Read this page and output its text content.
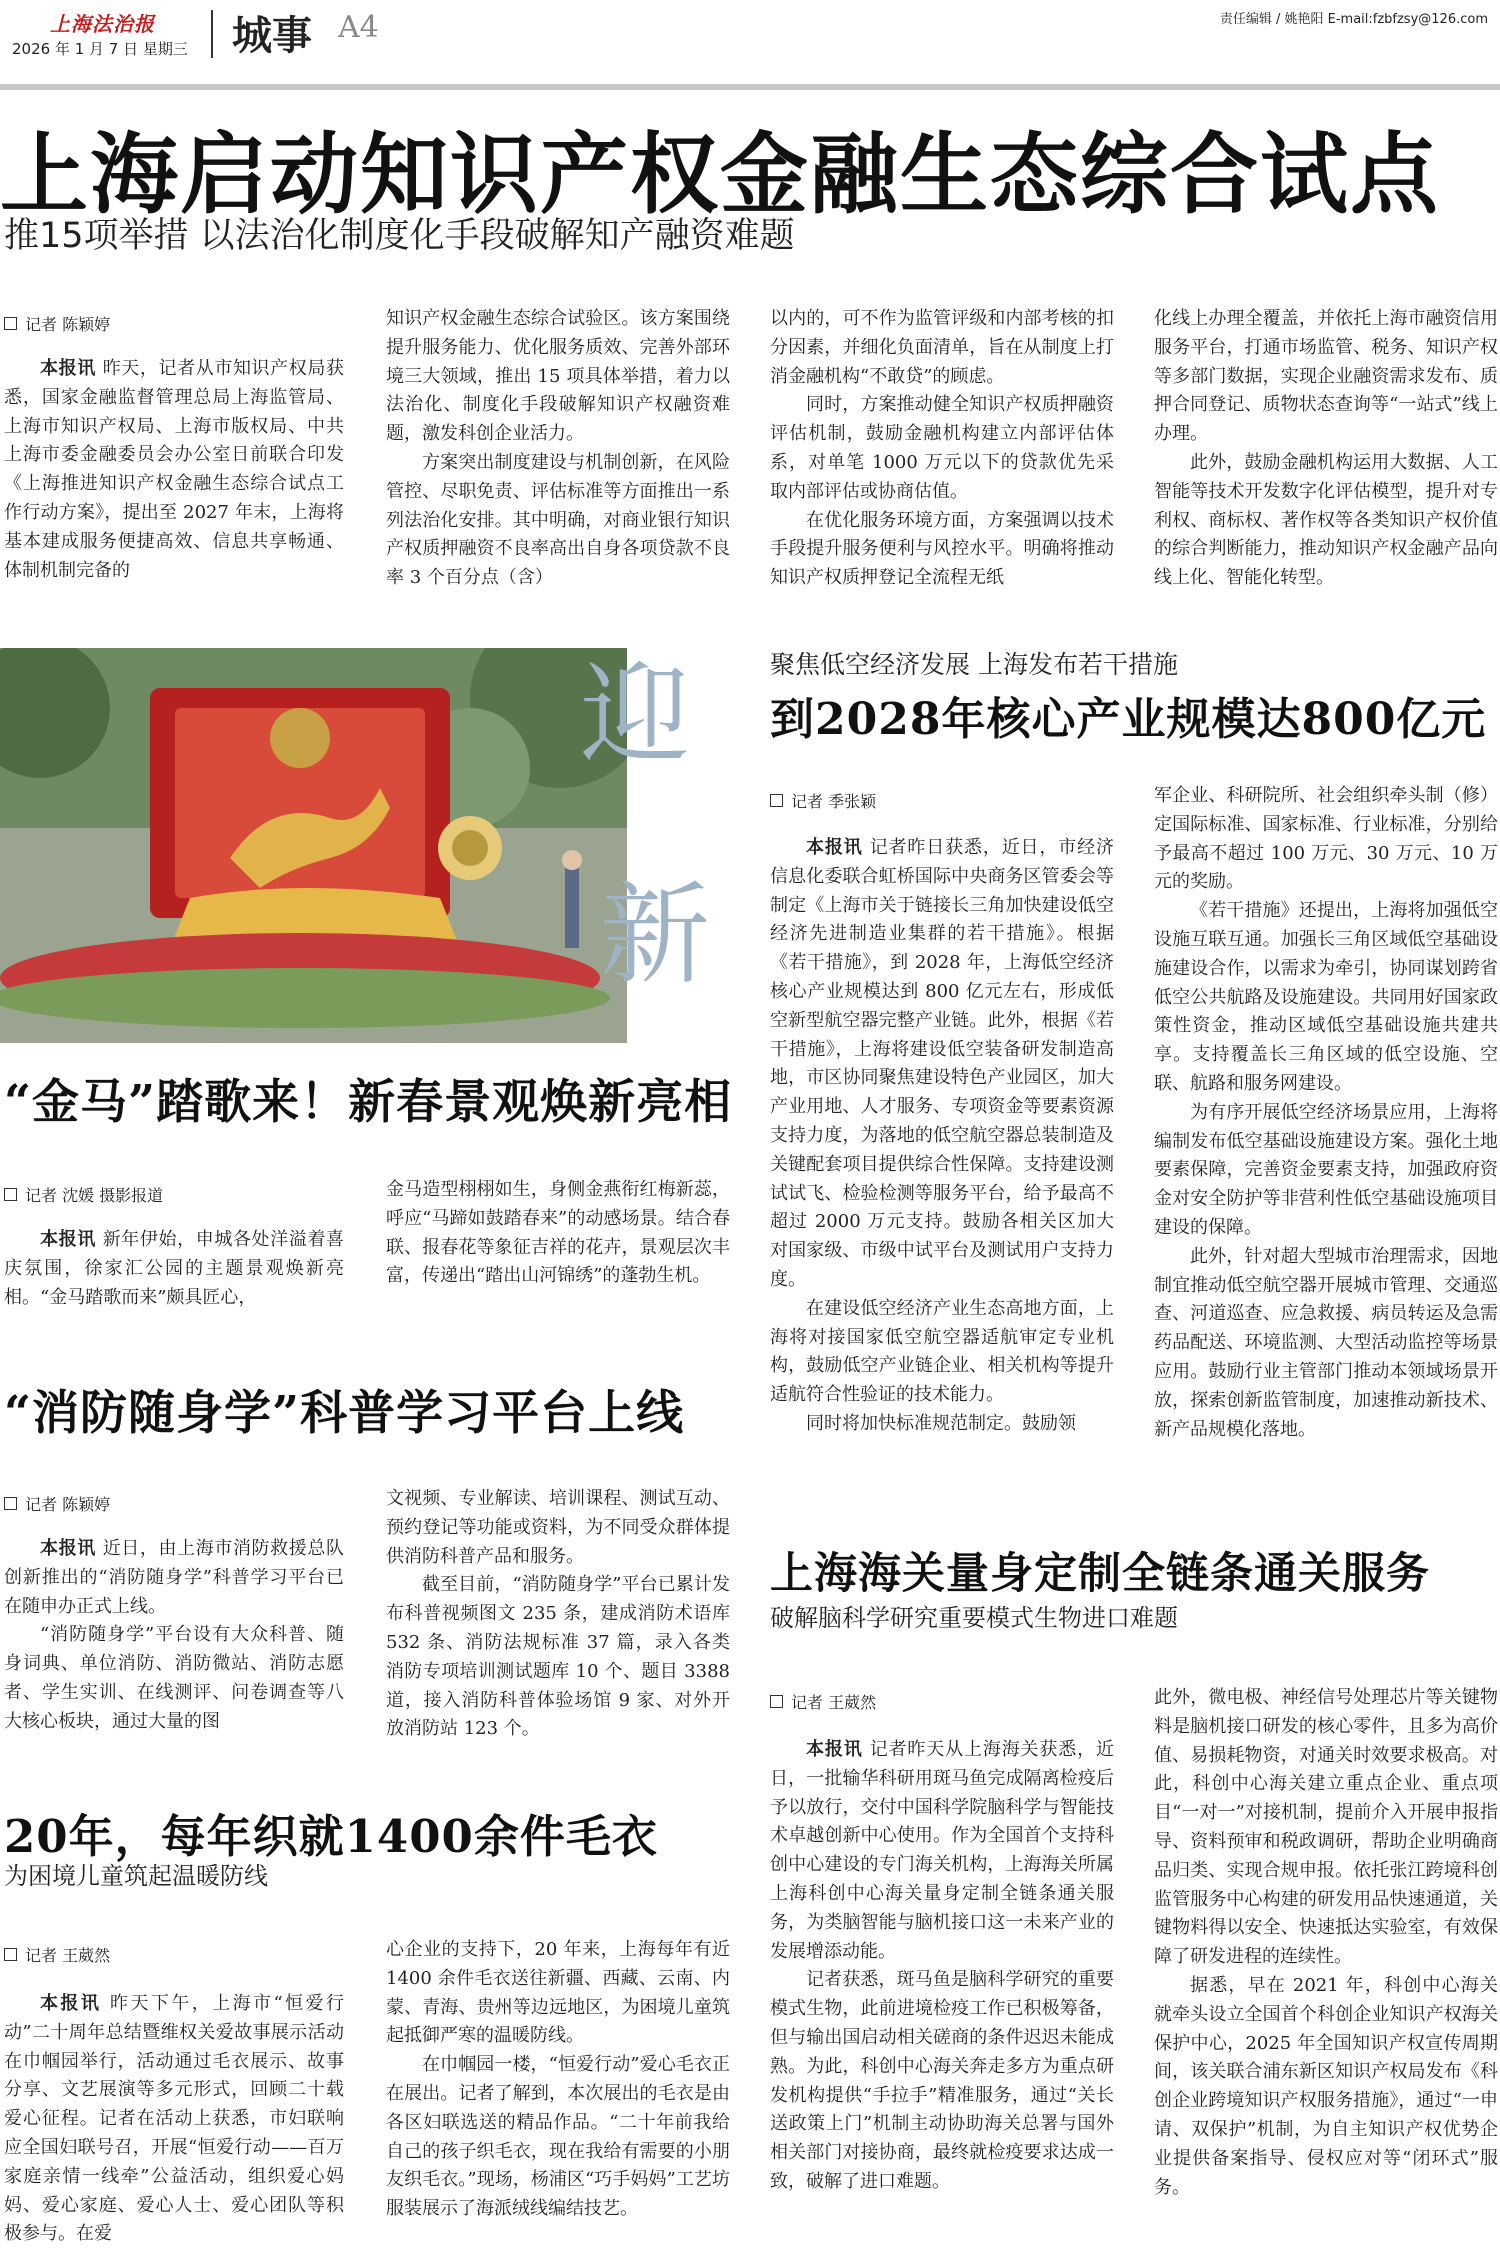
上海法治报
2026 年 1 月 7 日 星期三 城事 A4	责任编辑 / 姚艳阳 E-mail:fzbfzsy@126.com
上海启动知识产权金融生态综合试点
推15项举措 以法治化制度化手段破解知产融资难题
记者 陈颖婷

本报讯 昨天，记者从市知识产权局获悉，国家金融监督管理总局上海监管局、上海市知识产权局、上海市版权局、中共上海市委金融委员会办公室日前联合印发《上海推进知识产权金融生态综合试点工作行动方案》，提出至 2027 年末，上海将基本建成服务便捷高效、信息共享畅通、体制机制完备的

知识产权金融生态综合试验区。该方案围绕提升服务能力、优化服务质效、完善外部环境三大领域，推出 15 项具体举措，着力以法治化、制度化手段破解知识产权融资难题，激发科创企业活力。

方案突出制度建设与机制创新，在风险管控、尽职免责、评估标准等方面推出一系列法治化安排。其中明确，对商业银行知识产权质押融资不良率高出自身各项贷款不良率 3 个百分点（含）

以内的，可不作为监管评级和内部考核的扣分因素，并细化负面清单，旨在从制度上打消金融机构“不敢贷”的顾虑。

同时，方案推动健全知识产权质押融资评估机制，鼓励金融机构建立内部评估体系，对单笔 1000 万元以下的贷款优先采取内部评估或协商估值。

在优化服务环境方面，方案强调以技术手段提升服务便利与风控水平。明确将推动知识产权质押登记全流程无纸

化线上办理全覆盖，并依托上海市融资信用服务平台，打通市场监管、税务、知识产权等多部门数据，实现企业融资需求发布、质押合同登记、质物状态查询等“一站式”线上办理。

此外，鼓励金融机构运用大数据、人工智能等技术开发数字化评估模型，提升对专利权、商标权、著作权等各类知识产权价值的综合判断能力，推动知识产权金融产品向线上化、智能化转型。

迎
新
“金马”踏歌来！新春景观焕新亮相
记者 沈媛 摄影报道

本报讯 新年伊始，申城各处洋溢着喜庆氛围，徐家汇公园的主题景观焕新亮相。“金马踏歌而来”颇具匠心，

金马造型栩栩如生，身侧金燕衔红梅新蕊，呼应“马蹄如鼓踏春来”的动感场景。结合春联、报春花等象征吉祥的花卉，景观层次丰富，传递出“踏出山河锦绣”的蓬勃生机。

“消防随身学”科普学习平台上线
记者 陈颖婷

本报讯 近日，由上海市消防救援总队创新推出的“消防随身学”科普学习平台已在随申办正式上线。

“消防随身学”平台设有大众科普、随身词典、单位消防、消防微站、消防志愿者、学生实训、在线测评、问卷调查等八大核心板块，通过大量的图

文视频、专业解读、培训课程、测试互动、预约登记等功能或资料，为不同受众群体提供消防科普产品和服务。

截至目前，“消防随身学”平台已累计发布科普视频图文 235 条，建成消防术语库 532 条、消防法规标准 37 篇，录入各类消防专项培训测试题库 10 个、题目 3388 道，接入消防科普体验场馆 9 家、对外开放消防站 123 个。

20年，每年织就1400余件毛衣
为困境儿童筑起温暖防线
记者 王葳然

本报讯 昨天下午，上海市“恒爱行动”二十周年总结暨维权关爱故事展示活动在巾帼园举行，活动通过毛衣展示、故事分享、文艺展演等多元形式，回顾二十载爱心征程。记者在活动上获悉，市妇联响应全国妇联号召，开展“恒爱行动——百万家庭亲情一线牵”公益活动，组织爱心妈妈、爱心家庭、爱心人士、爱心团队等积极参与。在爱

心企业的支持下，20 年来，上海每年有近 1400 余件毛衣送往新疆、西藏、云南、内蒙、青海、贵州等边远地区，为困境儿童筑起抵御严寒的温暖防线。

在巾帼园一楼，“恒爱行动”爱心毛衣正在展出。记者了解到，本次展出的毛衣是由各区妇联选送的精品作品。“二十年前我给自己的孩子织毛衣，现在我给有需要的小朋友织毛衣。”现场，杨浦区“巧手妈妈”工艺坊服装展示了海派绒线编结技艺。

聚焦低空经济发展 上海发布若干措施
到2028年核心产业规模达800亿元
记者 季张颖

本报讯 记者昨日获悉，近日，市经济信息化委联合虹桥国际中央商务区管委会等制定《上海市关于链接长三角加快建设低空经济先进制造业集群的若干措施》。根据《若干措施》，到 2028 年，上海低空经济核心产业规模达到 800 亿元左右，形成低空新型航空器完整产业链。此外，根据《若干措施》，上海将建设低空装备研发制造高地，市区协同聚焦建设特色产业园区，加大产业用地、人才服务、专项资金等要素资源支持力度，为落地的低空航空器总装制造及关键配套项目提供综合性保障。支持建设测试试飞、检验检测等服务平台，给予最高不超过 2000 万元支持。鼓励各相关区加大对国家级、市级中试平台及测试用户支持力度。

在建设低空经济产业生态高地方面，上海将对接国家低空航空器适航审定专业机构，鼓励低空产业链企业、相关机构等提升适航符合性验证的技术能力。

同时将加快标准规范制定。鼓励领

军企业、科研院所、社会组织牵头制（修）定国际标准、国家标准、行业标准，分别给予最高不超过 100 万元、30 万元、10 万元的奖励。

《若干措施》还提出，上海将加强低空设施互联互通。加强长三角区域低空基础设施建设合作，以需求为牵引，协同谋划跨省低空公共航路及设施建设。共同用好国家政策性资金，推动区域低空基础设施共建共享。支持覆盖长三角区域的低空设施、空联、航路和服务网建设。

为有序开展低空经济场景应用，上海将编制发布低空基础设施建设方案。强化土地要素保障，完善资金要素支持，加强政府资金对安全防护等非营利性低空基础设施项目建设的保障。

此外，针对超大型城市治理需求，因地制宜推动低空航空器开展城市管理、交通巡查、河道巡查、应急救援、病员转运及急需药品配送、环境监测、大型活动监控等场景应用。鼓励行业主管部门推动本领域场景开放，探索创新监管制度，加速推动新技术、新产品规模化落地。

上海海关量身定制全链条通关服务
破解脑科学研究重要模式生物进口难题
记者 王葳然

本报讯 记者昨天从上海海关获悉，近日，一批输华科研用斑马鱼完成隔离检疫后予以放行，交付中国科学院脑科学与智能技术卓越创新中心使用。作为全国首个支持科创中心建设的专门海关机构，上海海关所属上海科创中心海关量身定制全链条通关服务，为类脑智能与脑机接口这一未来产业的发展增添动能。

记者获悉，斑马鱼是脑科学研究的重要模式生物，此前进境检疫工作已积极筹备，但与输出国启动相关磋商的条件迟迟未能成熟。为此，科创中心海关奔走多方为重点研发机构提供“手拉手”精准服务，通过“关长送政策上门”机制主动协助海关总署与国外相关部门对接协商，最终就检疫要求达成一致，破解了进口难题。

此外，微电极、神经信号处理芯片等关键物料是脑机接口研发的核心零件，且多为高价值、易损耗物资，对通关时效要求极高。对此，科创中心海关建立重点企业、重点项目“一对一”对接机制，提前介入开展申报指导、资料预审和税政调研，帮助企业明确商品归类、实现合规申报。依托张江跨境科创监管服务中心构建的研发用品快速通道，关键物料得以安全、快速抵达实验室，有效保障了研发进程的连续性。

据悉，早在 2021 年，科创中心海关就牵头设立全国首个科创企业知识产权海关保护中心，2025 年全国知识产权宣传周期间，该关联合浦东新区知识产权局发布《科创企业跨境知识产权服务措施》，通过“一申请、双保护”机制，为自主知识产权优势企业提供备案指导、侵权应对等“闭环式”服务。
